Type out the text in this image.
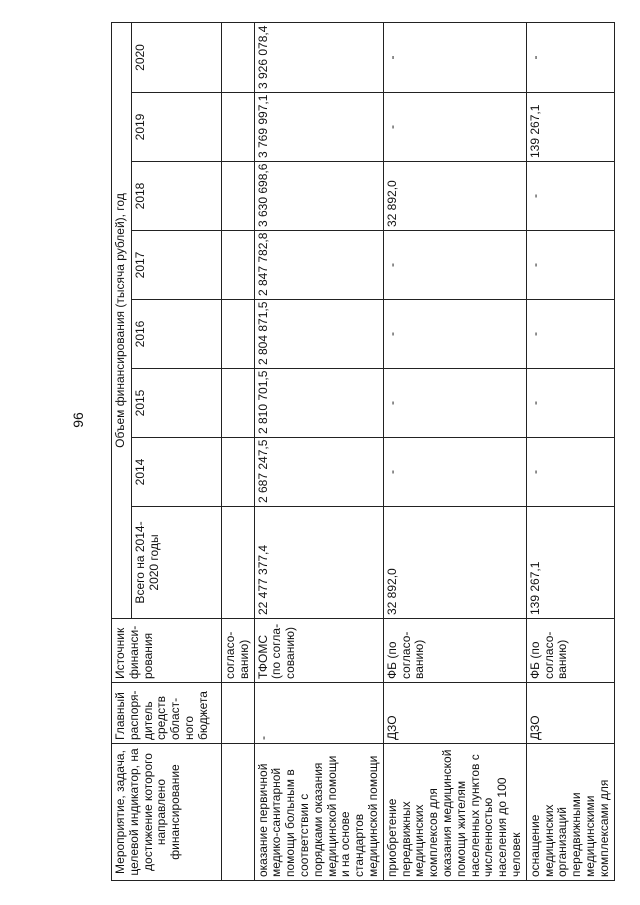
96
Мероприятие, задача, целевой индикатор, на достижение которого направлено финансирование	Главный распоря-дитель средств област-ного бюджета	Источник финанси-рования	Объем финансирования (тысяча рублей), год							
			Всего на 2014-2020 годы	2014	2015	2016	2017	2018	2019	2020
		согласо-ванию)								
оказание первичной медико-санитарной помощи больным в соответствии с порядками оказания медицинской помощи и на основе стандартов медицинской помощи	-	ТФОМС (по согла-сованию)	22 477 377,4	2 687 247,5	2 810 701,5	2 804 871,5	2 847 782,8	3 630 698,6	3 769 997,1	3 926 078,4
приобретение передвижных медицинских комплексов для оказания медицинской помощи жителям населенных пунктов с численностью населения до 100 человек	ДЗО	ФБ (по согласо-ванию)	32 892,0	-	-	-	-	32 892,0	-	-
оснащение медицинских организаций передвижными медицинскими комплексами для	ДЗО	ФБ (по согласо-ванию)	139 267,1	-	-	-	-	-	139 267,1	-
